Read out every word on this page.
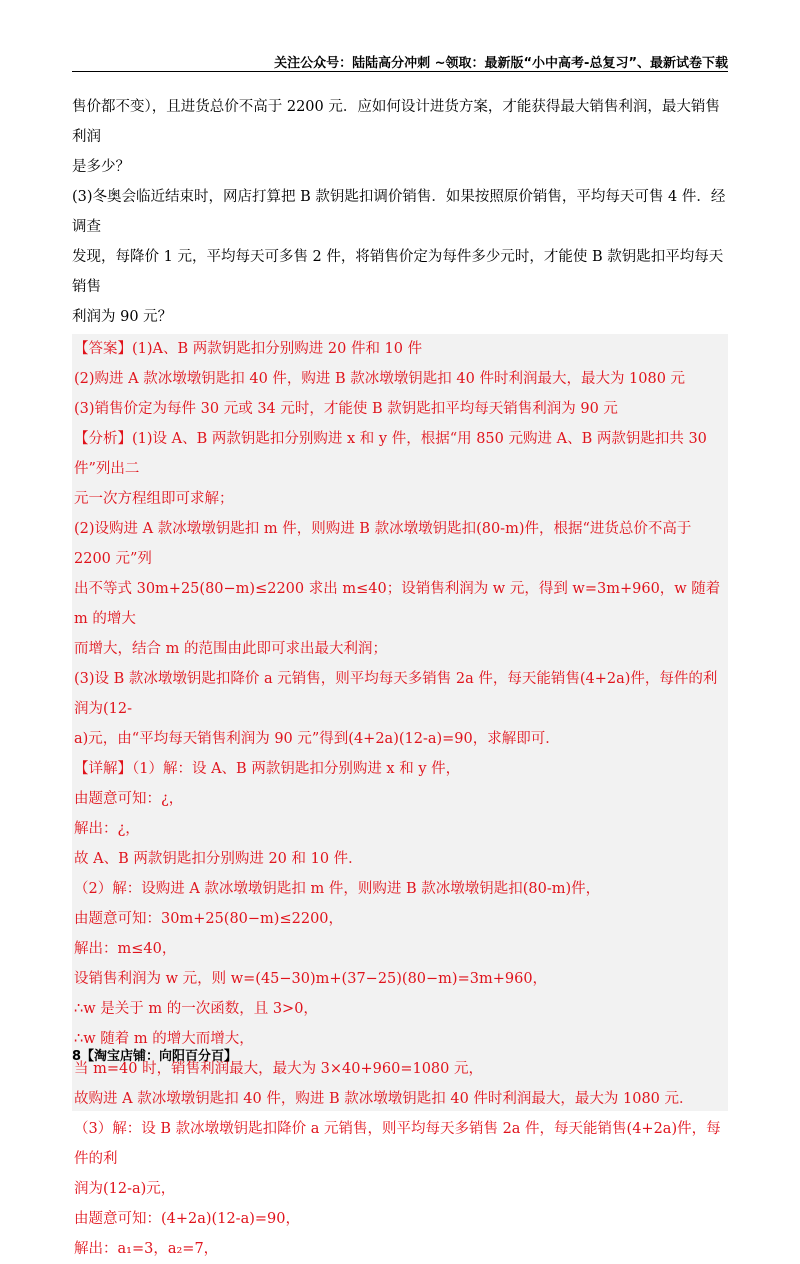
关注公众号：陆陆高分冲刺 ~领取：最新版“小中高考-总复习”、最新试卷下载

售价都不变），且进货总价不高于 2200 元．应如何设计进货方案，才能获得最大销售利润，最大销售利润

是多少？

(3)冬奥会临近结束时，网店打算把 B 款钥匙扣调价销售．如果按照原价销售，平均每天可售 4 件．经调查

发现，每降价 1 元，平均每天可多售 2 件，将销售价定为每件多少元时，才能使 B 款钥匙扣平均每天销售

利润为 90 元？

【答案】(1)A、B 两款钥匙扣分别购进 20 件和 10 件

(2)购进 A 款冰墩墩钥匙扣 40 件，购进 B 款冰墩墩钥匙扣 40 件时利润最大，最大为 1080 元

(3)销售价定为每件 30 元或 34 元时，才能使 B 款钥匙扣平均每天销售利润为 90 元

【分析】(1)设 A、B 两款钥匙扣分别购进 x 和 y 件，根据“用 850 元购进 A、B 两款钥匙扣共 30 件”列出二

元一次方程组即可求解；

(2)设购进 A 款冰墩墩钥匙扣 m 件，则购进 B 款冰墩墩钥匙扣(80-m)件，根据“进货总价不高于 2200 元”列

出不等式 30m+25(80−m)≤2200 求出 m≤40；设销售利润为 w 元，得到 w=3m+960，w 随着 m 的增大

而增大，结合 m 的范围由此即可求出最大利润；

(3)设 B 款冰墩墩钥匙扣降价 a 元销售，则平均每天多销售 2a 件，每天能销售(4+2a)件，每件的利润为(12-

a)元，由“平均每天销售利润为 90 元”得到(4+2a)(12-a)=90，求解即可．

【详解】（1）解：设 A、B 两款钥匙扣分别购进 x 和 y 件，

由题意可知：¿，

解出：¿，

故 A、B 两款钥匙扣分别购进 20 和 10 件．

（2）解：设购进 A 款冰墩墩钥匙扣 m 件，则购进 B 款冰墩墩钥匙扣(80-m)件，

由题意可知：30m+25(80−m)≤2200，

解出：m≤40，

设销售利润为 w 元，则 w=(45−30)m+(37−25)(80−m)=3m+960，

∴w 是关于 m 的一次函数，且 3>0，

∴w 随着 m 的增大而增大，

当 m=40 时，销售利润最大，最大为 3×40+960=1080 元，

故购进 A 款冰墩墩钥匙扣 40 件，购进 B 款冰墩墩钥匙扣 40 件时利润最大，最大为 1080 元．

（3）解：设 B 款冰墩墩钥匙扣降价 a 元销售，则平均每天多销售 2a 件，每天能销售(4+2a)件，每件的利

润为(12-a)元，

由题意可知：(4+2a)(12-a)=90，

解出：a₁=3，a₂=7，

8【淘宝店铺：向阳百分百】
